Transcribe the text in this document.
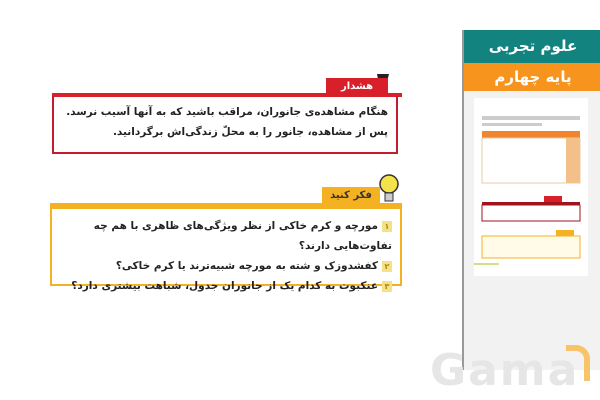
هشدار
هنگام مشاهده‌ی جانوران، مراقب باشید که به آنها آسیب نرسد. پس از مشاهده، جانور را به محلّ زندگی‌اش برگردانید.
فکر کنید
۱مورچه و کرم خاکی از نظر ویژگی‌های ظاهری با هم چه تفاوت‌هایی دارند؟
۲کفشدوزک و شته به مورچه شبیه‌ترند یا کرم خاکی؟
۳عنکبوت به کدام یک از جانوران جدول، شباهت بیشتری دارد؟
علوم تجربی
پایه چهارم
Gama
